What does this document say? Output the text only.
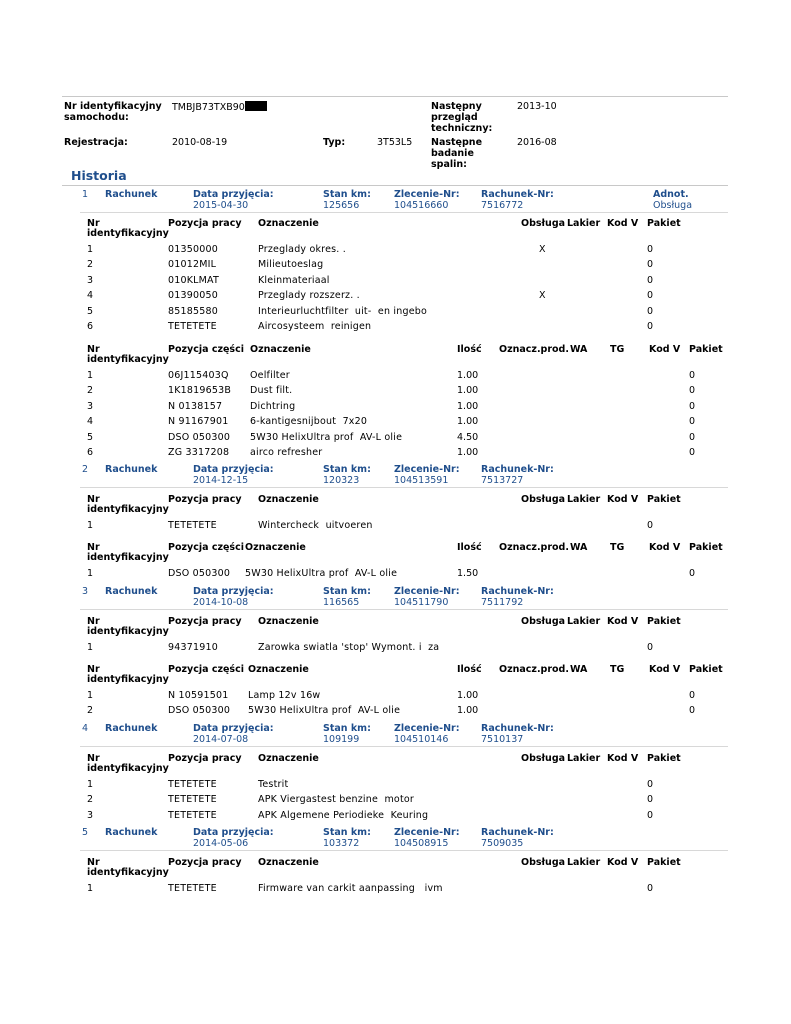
Nr identyfikacyjny samochodu:
TMBJB73TXB90	Następny przegląd techniczny:
2013-10
Rejestracja:	2010-08-19	Typ:	3T53L5 Następne badanie spalin:
2016-08
Historia
1 Rachunek	Data przyjęcia:
2015-04-30
Stan km:
125656
Zlecenie-Nr:
104516660
Rachunek-Nr:
7516772
Adnot.
Obsługa
Nr
identyfikacyjny
Pozycja pracy Oznaczenie	Obsługa Lakier Kod V Pakiet
1	01350000	Przeglady okres. .	X	0
2	01012MIL	Milieutoeslag	0
3	010KLMAT	Kleinmateriaal	0
4	01390050	Przeglady rozszerz. .	X	0
5	85185580	Interieurluchtfilter  uit-  en ingebo	0
6	TETETETE	Aircosysteem  reinigen	0
Nr
identyfikacyjny
Pozycja części Oznaczenie	Ilość Oznacz.prod. WA TG	Kod V Pakiet
1	06J115403Q Oelfilter	1.00	0
2	1K1819653B Dust filt.	1.00	0
3	N 0138157	Dichtring	1.00	0
4	N 91167901 6-kantigesnijbout  7x20	1.00	0
5	DSO 050300 5W30 HelixUltra prof  AV-L olie	4.50	0
6	ZG 3317208 airco refresher	1.00	0
2 Rachunek	Data przyjęcia:
2014-12-15
Stan km:
120323
Zlecenie-Nr:
104513591
Rachunek-Nr:
7513727
Nr
identyfikacyjny
Pozycja pracy Oznaczenie	Obsługa Lakier Kod V Pakiet
1	TETETETE	Wintercheck  uitvoeren	0
Nr
identyfikacyjny
Pozycja części Oznaczenie	Ilość Oznacz.prod. WA TG	Kod V Pakiet
1	DSO 050300 5W30 HelixUltra prof  AV-L olie	1.50	0
3 Rachunek	Data przyjęcia:
2014-10-08
Stan km:
116565
Zlecenie-Nr:
104511790
Rachunek-Nr:
7511792
Nr
identyfikacyjny
Pozycja pracy Oznaczenie	Obsługa Lakier Kod V Pakiet
1	94371910	Zarowka swiatla 'stop' Wymont. i  za	0
Nr
identyfikacyjny
Pozycja części Oznaczenie	Ilość Oznacz.prod. WA TG	Kod V Pakiet
1	N 10591501 Lamp 12v 16w	1.00	0
2	DSO 050300 5W30 HelixUltra prof  AV-L olie	1.00	0
4 Rachunek	Data przyjęcia:
2014-07-08
Stan km:
109199
Zlecenie-Nr:
104510146
Rachunek-Nr:
7510137
Nr
identyfikacyjny
Pozycja pracy Oznaczenie	Obsługa Lakier Kod V Pakiet
1	TETETETE	Testrit	0
2	TETETETE	APK Viergastest benzine  motor	0
3	TETETETE	APK Algemene Periodieke  Keuring	0
5 Rachunek	Data przyjęcia:
2014-05-06
Stan km:
103372
Zlecenie-Nr:
104508915
Rachunek-Nr:
7509035
Nr
identyfikacyjny
Pozycja pracy Oznaczenie	Obsługa Lakier Kod V Pakiet
1	TETETETE	Firmware van carkit aanpassing   ivm	0
